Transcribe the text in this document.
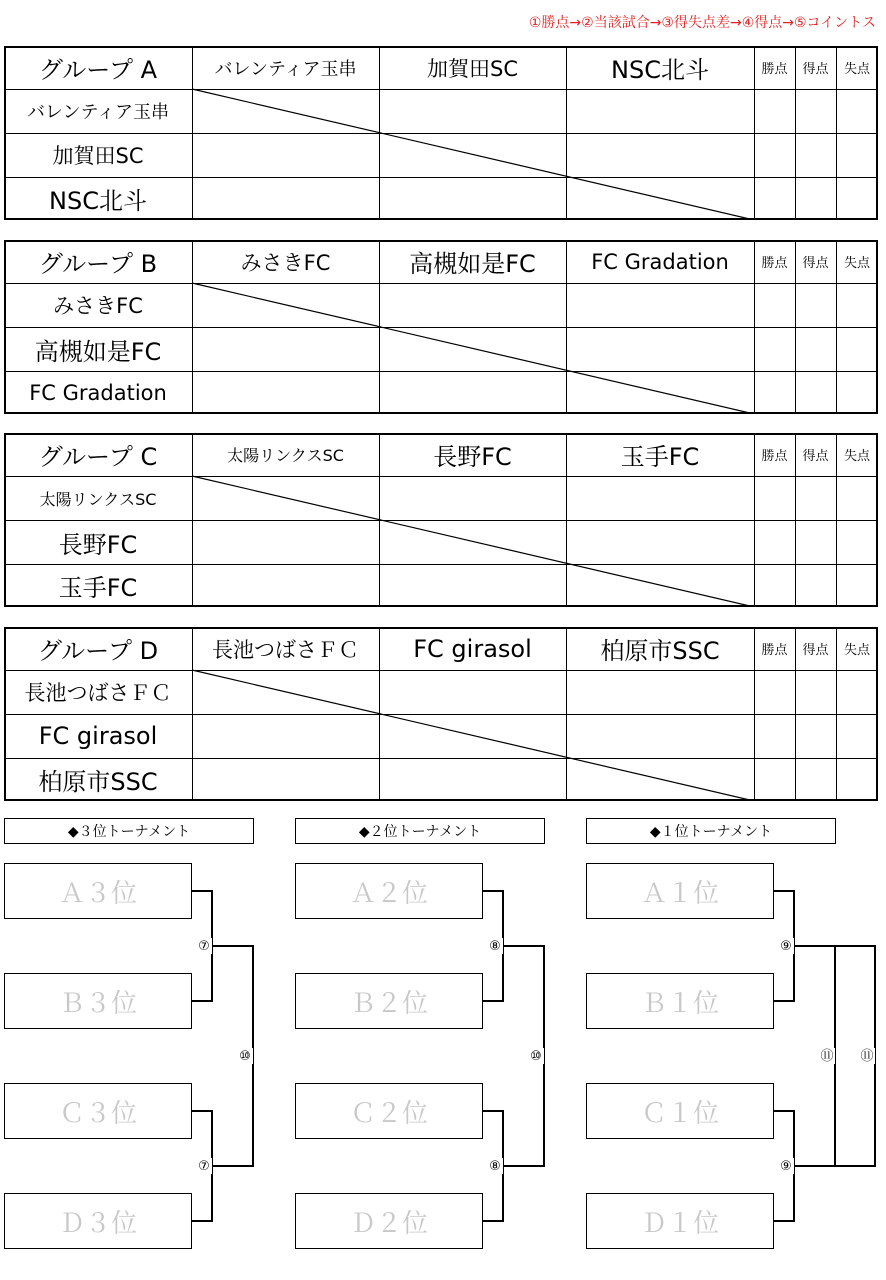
①勝点→②当該試合→③得失点差→④得点→⑤コイントス
グループ A	バレンティア玉串	加賀田SC	NSC北斗	勝点	得点	失点
バレンティア玉串
加賀田SC
NSC北斗
グループ B	みさきFC	高槻如是FC	FC Gradation	勝点	得点	失点
みさきFC
高槻如是FC
FC Gradation
グループ C	太陽リンクスSC	長野FC	玉手FC	勝点	得点	失点
太陽リンクスSC
長野FC
玉手FC
グループ D	長池つばさＦＣ	FC girasol	柏原市SSC	勝点	得点	失点
長池つばさＦＣ
FC girasol
柏原市SSC
◆３位トーナメント
Ａ３位
Ｂ３位
Ｃ３位
Ｄ３位
⑦
⑦
⑩
◆２位トーナメント
Ａ２位
Ｂ２位
Ｃ２位
Ｄ２位
⑧
⑧
⑩
◆１位トーナメント
Ａ１位
Ｂ１位
Ｃ１位
Ｄ１位
⑨
⑨
⑪ ⑪
